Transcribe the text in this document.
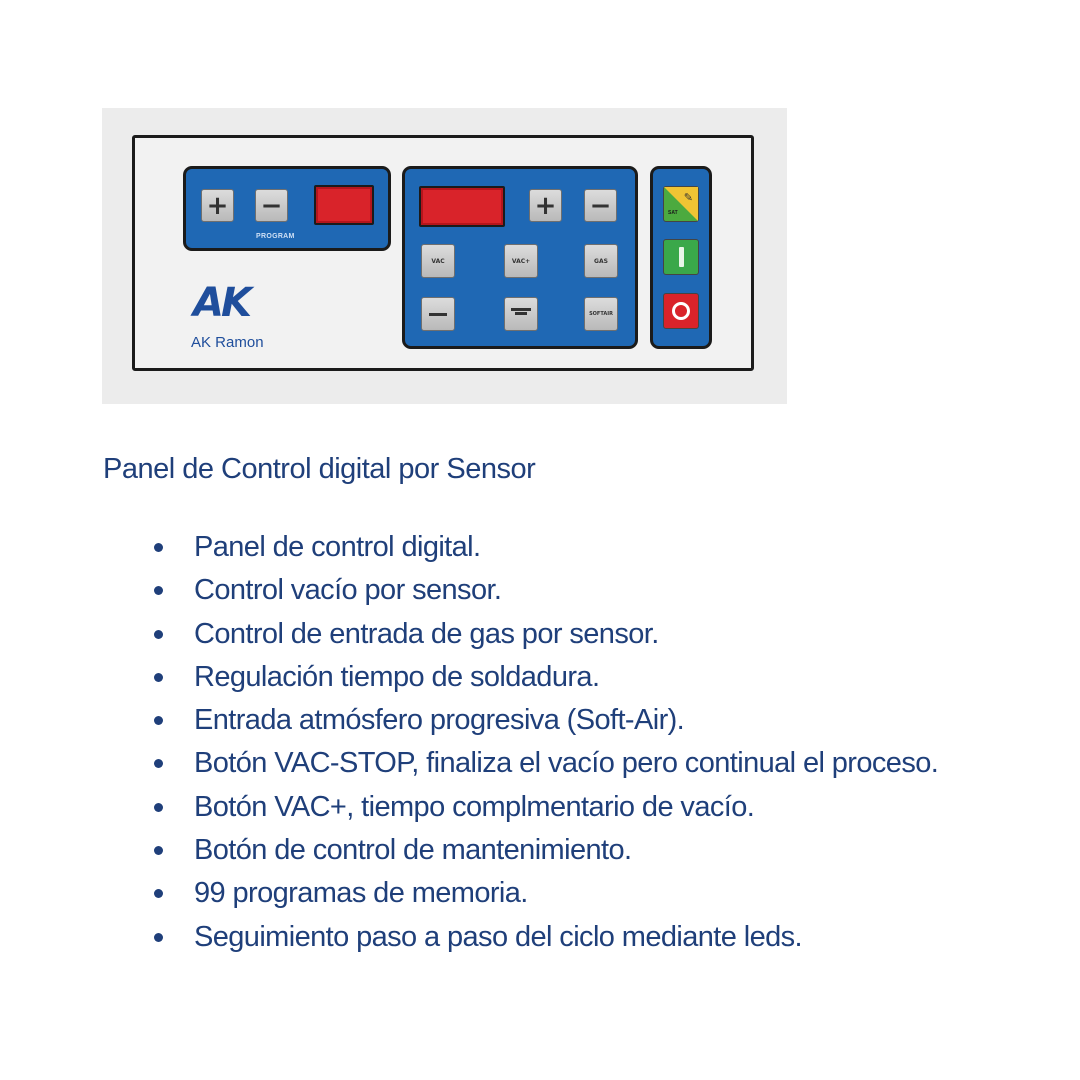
+ −
PROGRAM
+ −
VAC	VAC+	GAS
SOFTAIR
✎
SAT
AK
AK Ramon
Panel de Control digital por Sensor
Panel de control digital.
Control vacío por sensor.
Control de entrada de gas por sensor.
Regulación tiempo de soldadura.
Entrada atmósfero progresiva (Soft-Air).
Botón VAC-STOP, finaliza el vacío pero continual el proceso.
Botón VAC+, tiempo complmentario de vacío.
Botón de control de mantenimiento.
99 programas de memoria.
Seguimiento paso a paso del ciclo mediante leds.
